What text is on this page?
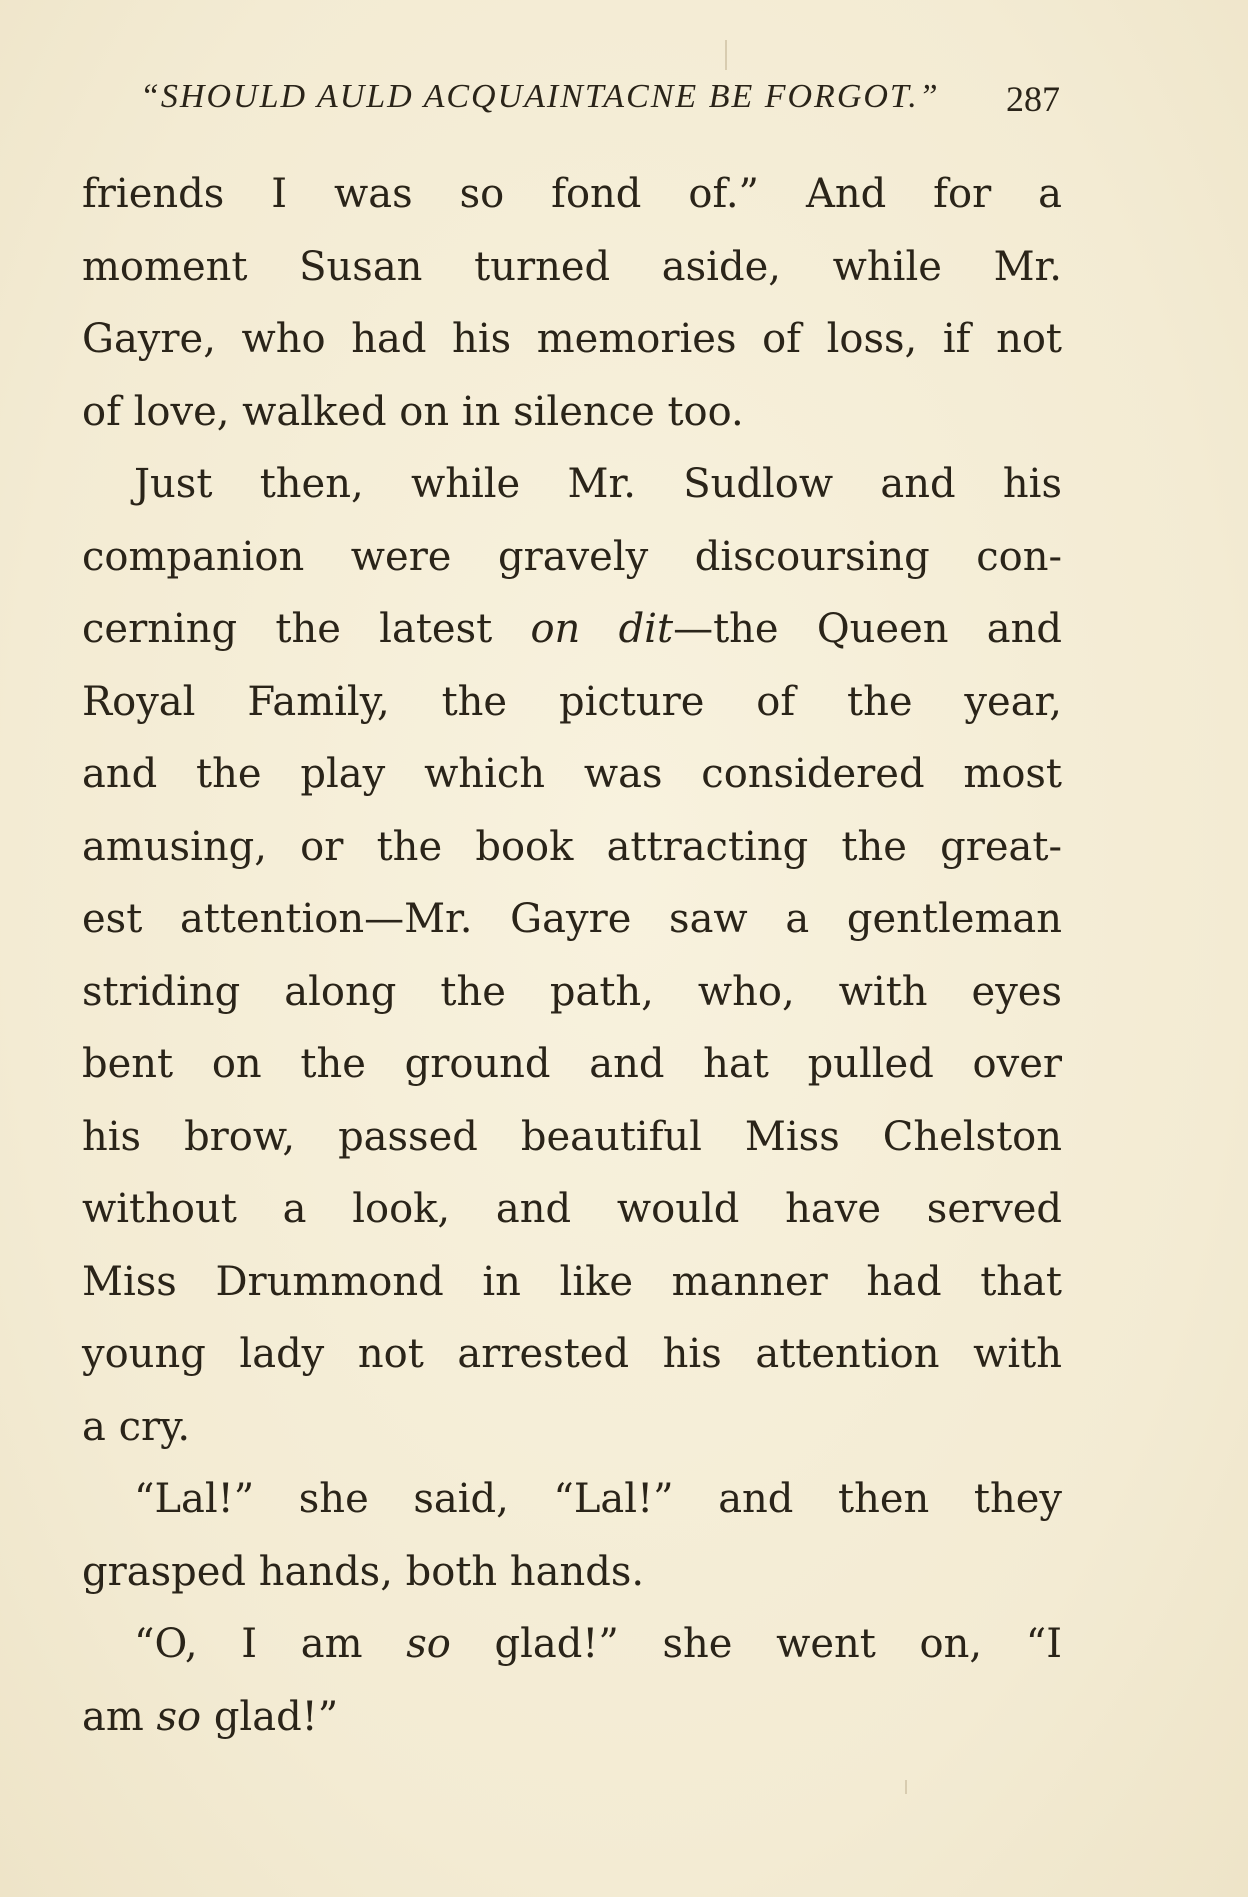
“SHOULD AULD ACQUAINTACNE BE FORGOT.” 287
friends I was so fond of.” And for a
moment Susan turned aside, while Mr.
Gayre, who had his memories of loss, if not
of love, walked on in silence too.
Just then, while Mr. Sudlow and his
companion were gravely discoursing con-
cerning the latest on dit—the Queen and
Royal Family, the picture of the year,
and the play which was considered most
amusing, or the book attracting the great-
est attention—Mr. Gayre saw a gentleman
striding along the path, who, with eyes
bent on the ground and hat pulled over
his brow, passed beautiful Miss Chelston
without a look, and would have served
Miss Drummond in like manner had that
young lady not arrested his attention with
a cry.
“Lal!” she said, “Lal!” and then they
grasped hands, both hands.
“O, I am so glad!” she went on, “I
am so glad!”
